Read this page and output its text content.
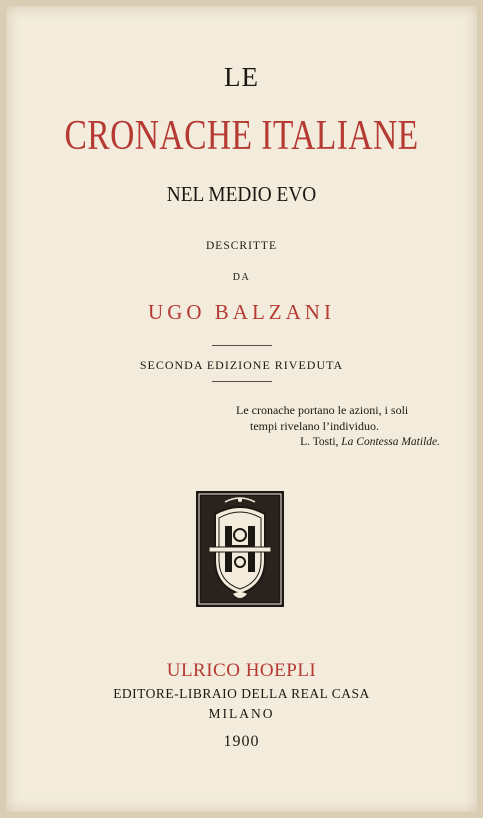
LE
CRONACHE ITALIANE
NEL MEDIO EVO
DESCRITTE
DA
UGO BALZANI
SECONDA EDIZIONE RIVEDUTA
Le cronache portano le azioni, i soli
tempi rivelano l’individuo.
L. Tosti, La Contessa Matilde.
ULRICO HOEPLI
EDITORE-LIBRAIO DELLA REAL CASA
MILANO
1900
